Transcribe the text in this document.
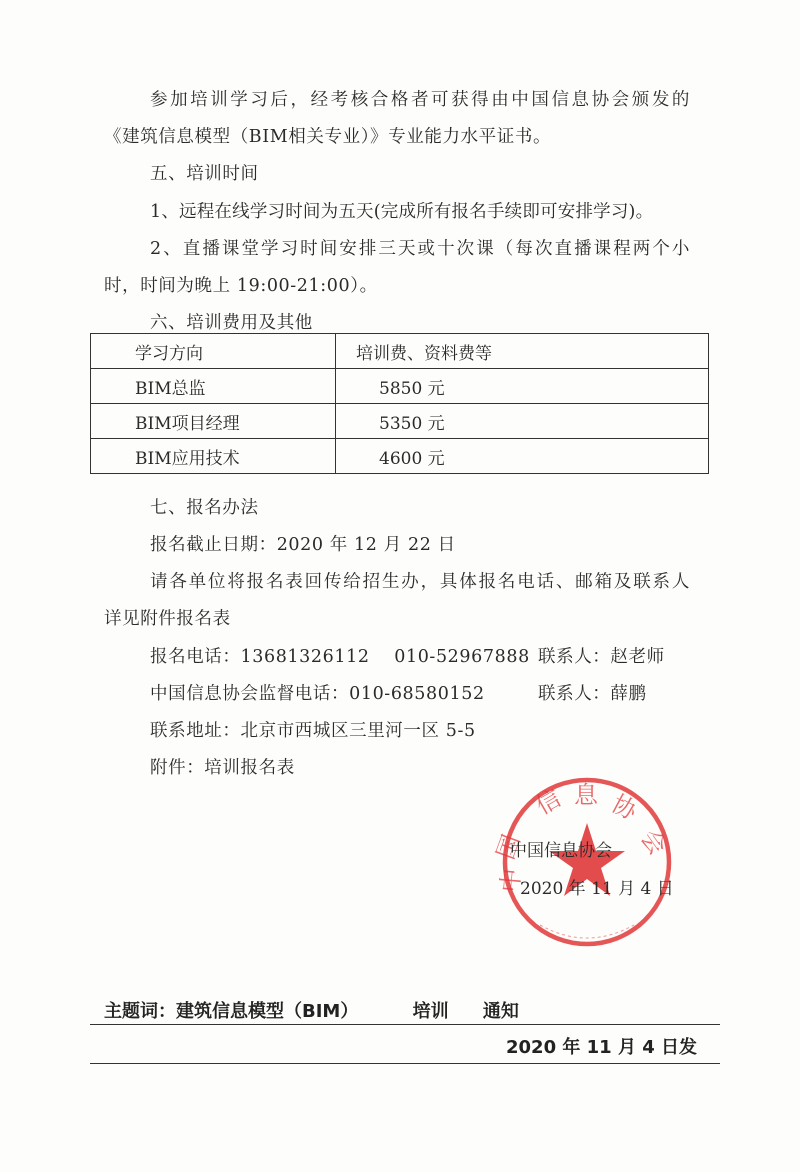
参加培训学习后，经考核合格者可获得由中国信息协会颁发的
《建筑信息模型（BIM相关专业）》专业能力水平证书。
五、培训时间
1、远程在线学习时间为五天(完成所有报名手续即可安排学习)。
2、直播课堂学习时间安排三天或十次课（每次直播课程两个小
时，时间为晚上 19:00-21:00）。
六、培训费用及其他
学习方向	培训费、资料费等
BIM总监	5850 元
BIM项目经理	5350 元
BIM应用技术	4600 元
七、报名办法
报名截止日期：2020 年 12 月 22 日
请各单位将报名表回传给招生办，具体报名电话、邮箱及联系人
详见附件报名表
报名电话：13681326112    010-52967888 联系人：赵老师
中国信息协会监督电话：010-68580152	联系人：薛鹏
联系地址：北京市西城区三里河一区 5-5
附件：培训报名表
信 息 协
会
国
中
中国信息协会
2020 年 11 月 4 日
主题词：建筑信息模型（BIM）	培训 通知
2020 年 11 月 4 日发
